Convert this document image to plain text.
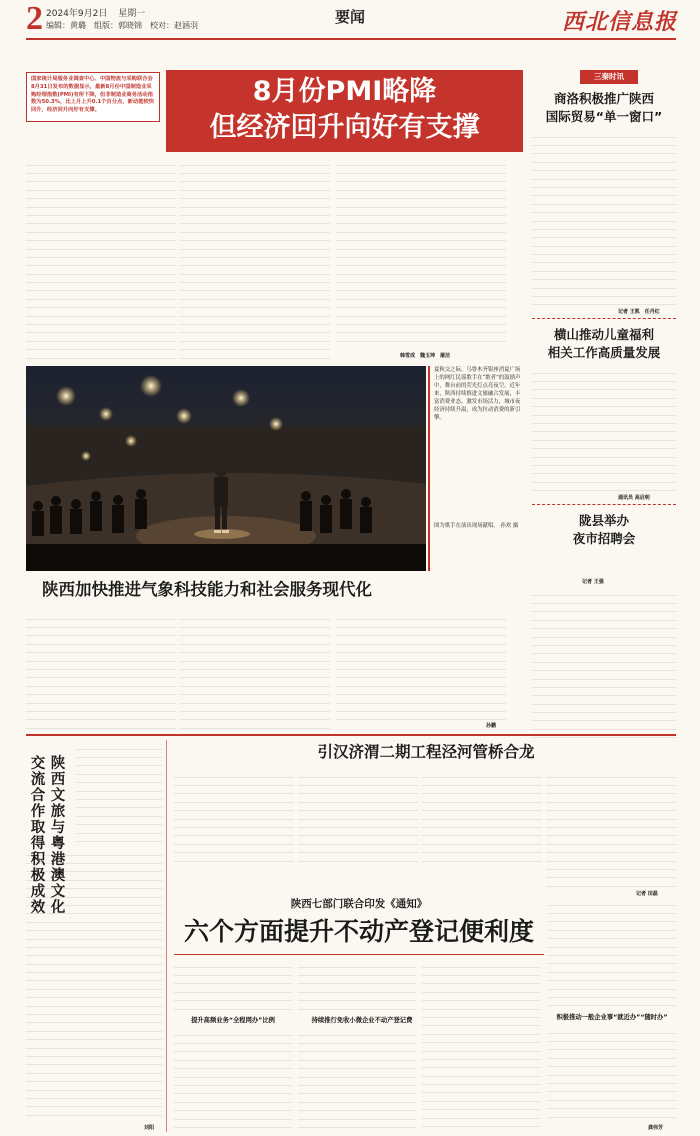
2 2024年9月2日 星期一
编辑：黄璐　组版：郭晓锦　校对：赵涵羽	要闻	西北信息报
国家统计局服务业调查中心、中国物流与采购联合会8月31日发布的数据显示，最新8月份中国制造业采购经理指数(PMI)有所下降，但非制造业商务活动指数为50.3%，比上月上升0.1个百分点，新动能较快回升，经济回升向好有支撑。
8月份PMI略降
但经济回升向好有支撑
韩雪成　魏玉坤　屠洁
夏秋交之际，乌鲁木齐银座消夏广场上的网红民谣歌手在“歌者”的鼓励声中，舞台前的荧光灯点亮夜空。近年来，陕西持续推进文旅融合发展，丰富消费业态，激发市场活力，城市夜经济持续升温，成为拉动消费的新引擎。
图为歌手在演出现场献唱。 孙欢 摄
三秦时讯
商洛积极推广陕西
国际贸易“单一窗口”
记者 王凯　任丹红
横山推动儿童福利
相关工作高质量发展
通讯员 高启明
陇县举办
夜市招聘会
记者 王强
陕西加快推进气象科技能力和社会服务现代化
孙鹏
陕
西
文
旅
与
粤
港
澳
文
化
交
流
合
作
取
得
积
极
成
效
刘阳
引汉济渭二期工程泾河管桥合龙
记者 田磊
陕西七部门联合印发《通知》
六个方面提升不动产登记便利度
提升高频业务“全程网办”比例	持续推行免收小微企业不动产登记费	积极推动一般企业事“就近办”“随时办”
龚伟芳
